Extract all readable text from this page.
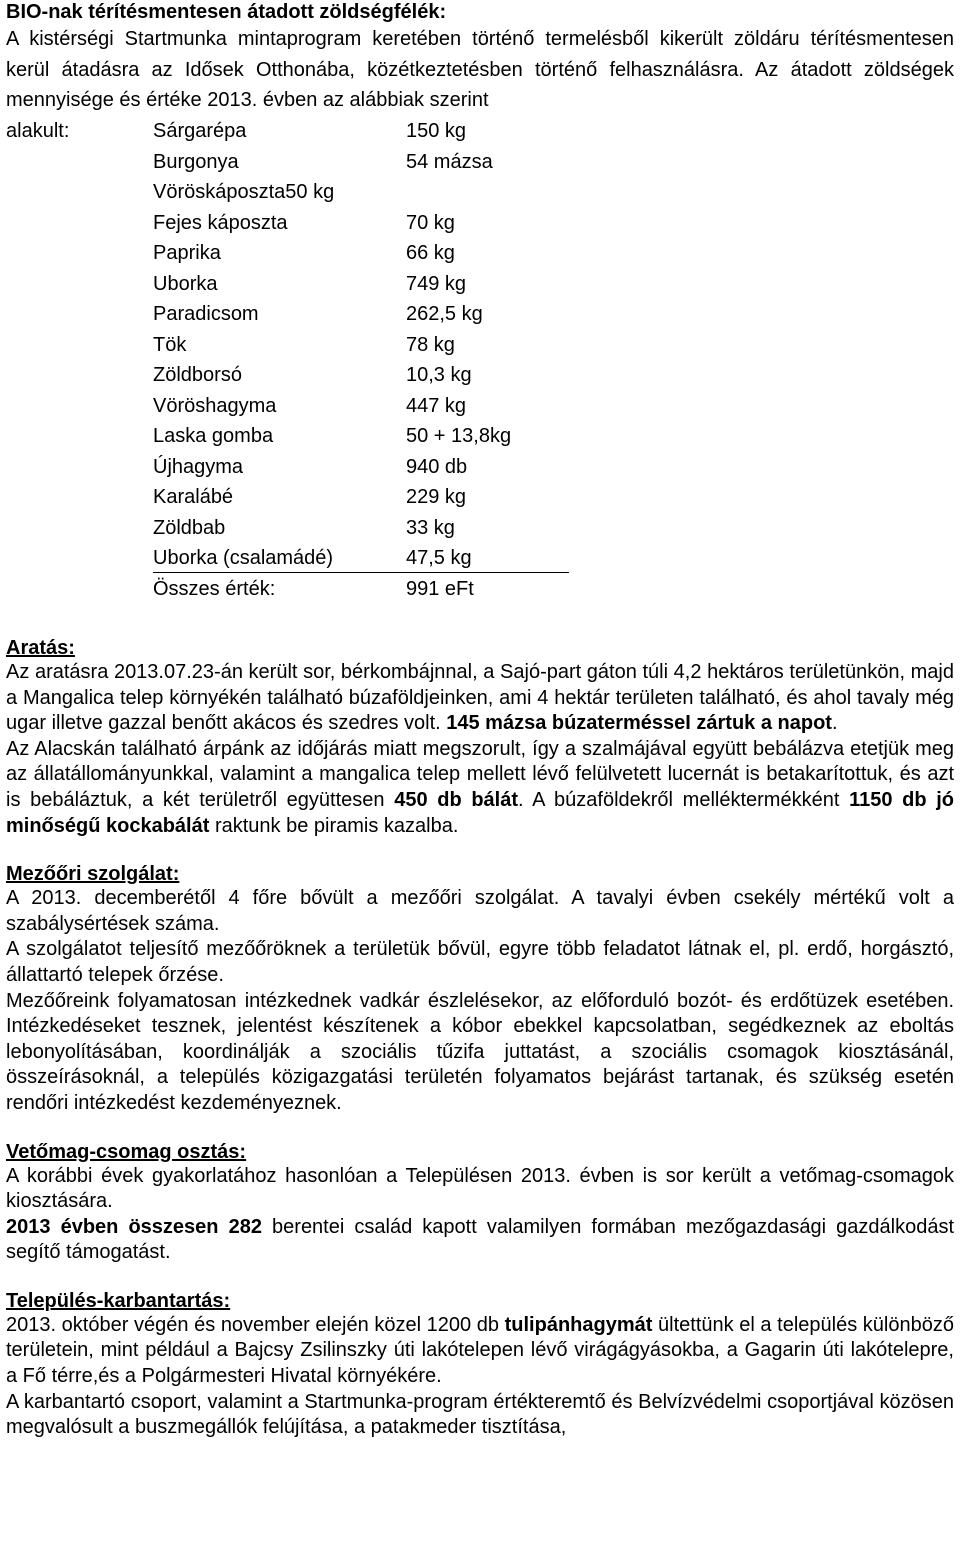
BIO-nak térítésmentesen átadott zöldségfélék:
A kistérségi Startmunka mintaprogram keretében történő termelésből kikerült zöldáru térítésmentesen kerül átadásra az Idősek Otthonába, közétkeztetésben történő felhasználásra. Az átadott zöldségek mennyisége és értéke 2013. évben az alábbiak szerint
alakult:	Sárgarépa	150 kg
Burgonya	54 mázsa
Vöröskáposzta 50 kg
Fejes káposzta	70 kg
Paprika	66 kg
Uborka	749 kg
Paradicsom	262,5 kg
Tök	78 kg
Zöldborsó	10,3 kg
Vöröshagyma	447 kg
Laska gomba	50 + 13,8kg
Újhagyma	940 db
Karalábé	229 kg
Zöldbab	33 kg
Uborka (csalamádé)	47,5 kg
Összes érték:	991 eFt
Aratás:
Az aratásra 2013.07.23-án került sor, bérkombájnnal, a Sajó-part gáton túli 4,2 hektáros területünkön, majd a Mangalica telep környékén található búzaföldjeinken, ami 4 hektár területen található, és ahol tavaly még ugar illetve gazzal benőtt akácos és szedres volt. 145 mázsa búzatermésseI zártuk a napot.
Az Alacskán található árpánk az időjárás miatt megszorult, így a szalmájával együtt bebálázva etetjük meg az állatállományunkkal, valamint a mangalica telep mellett lévő felülvetett lucernát is betakarítottuk, és azt is bebáláztuk, a két területről együttesen 450 db bálát. A búzaföldekről melléktermékként 1150 db jó minőségű kockabálát raktunk be piramis kazalba.
Mezőőri szolgálat:
A 2013. decemberétől 4 főre bővült a mezőőri szolgálat. A tavalyi évben csekély mértékű volt a szabálysértések száma.
A szolgálatot teljesítő mezőőröknek a területük bővül, egyre több feladatot látnak el, pl. erdő, horgásztó, állattartó telepek őrzése.
Mezőőreink folyamatosan intézkednek vadkár észlelésekor, az előforduló bozót- és erdőtüzek esetében. Intézkedéseket tesznek, jelentést készítenek a kóbor ebekkel kapcsolatban, segédkeznek az eboltás lebonyolításában, koordinálják a szociális tűzifa juttatást, a szociális csomagok kiosztásánál, összeírásoknál, a település közigazgatási területén folyamatos bejárást tartanak, és szükség esetén rendőri intézkedést kezdeményeznek.
Vetőmag-csomag osztás:
A korábbi évek gyakorlatához hasonlóan a Településen 2013. évben is sor került a vetőmag-csomagok kiosztására.
2013 évben összesen 282 berentei család kapott valamilyen formában mezőgazdasági gazdálkodást segítő támogatást.
Település-karbantartás:
2013. október végén és november elején közel 1200 db tulipánhagymát ültettünk el a település különböző területein, mint például a Bajcsy Zsilinszky úti lakótelepen lévő virágágyásokba, a Gagarin úti lakótelepre, a Fő térre,és a Polgármesteri Hivatal környékére.
A karbantartó csoport, valamint a Startmunka-program értékteremtő és Belvízvédelmi csoportjával közösen megvalósult a buszmegállók felújítása, a patakmeder tisztítása,
